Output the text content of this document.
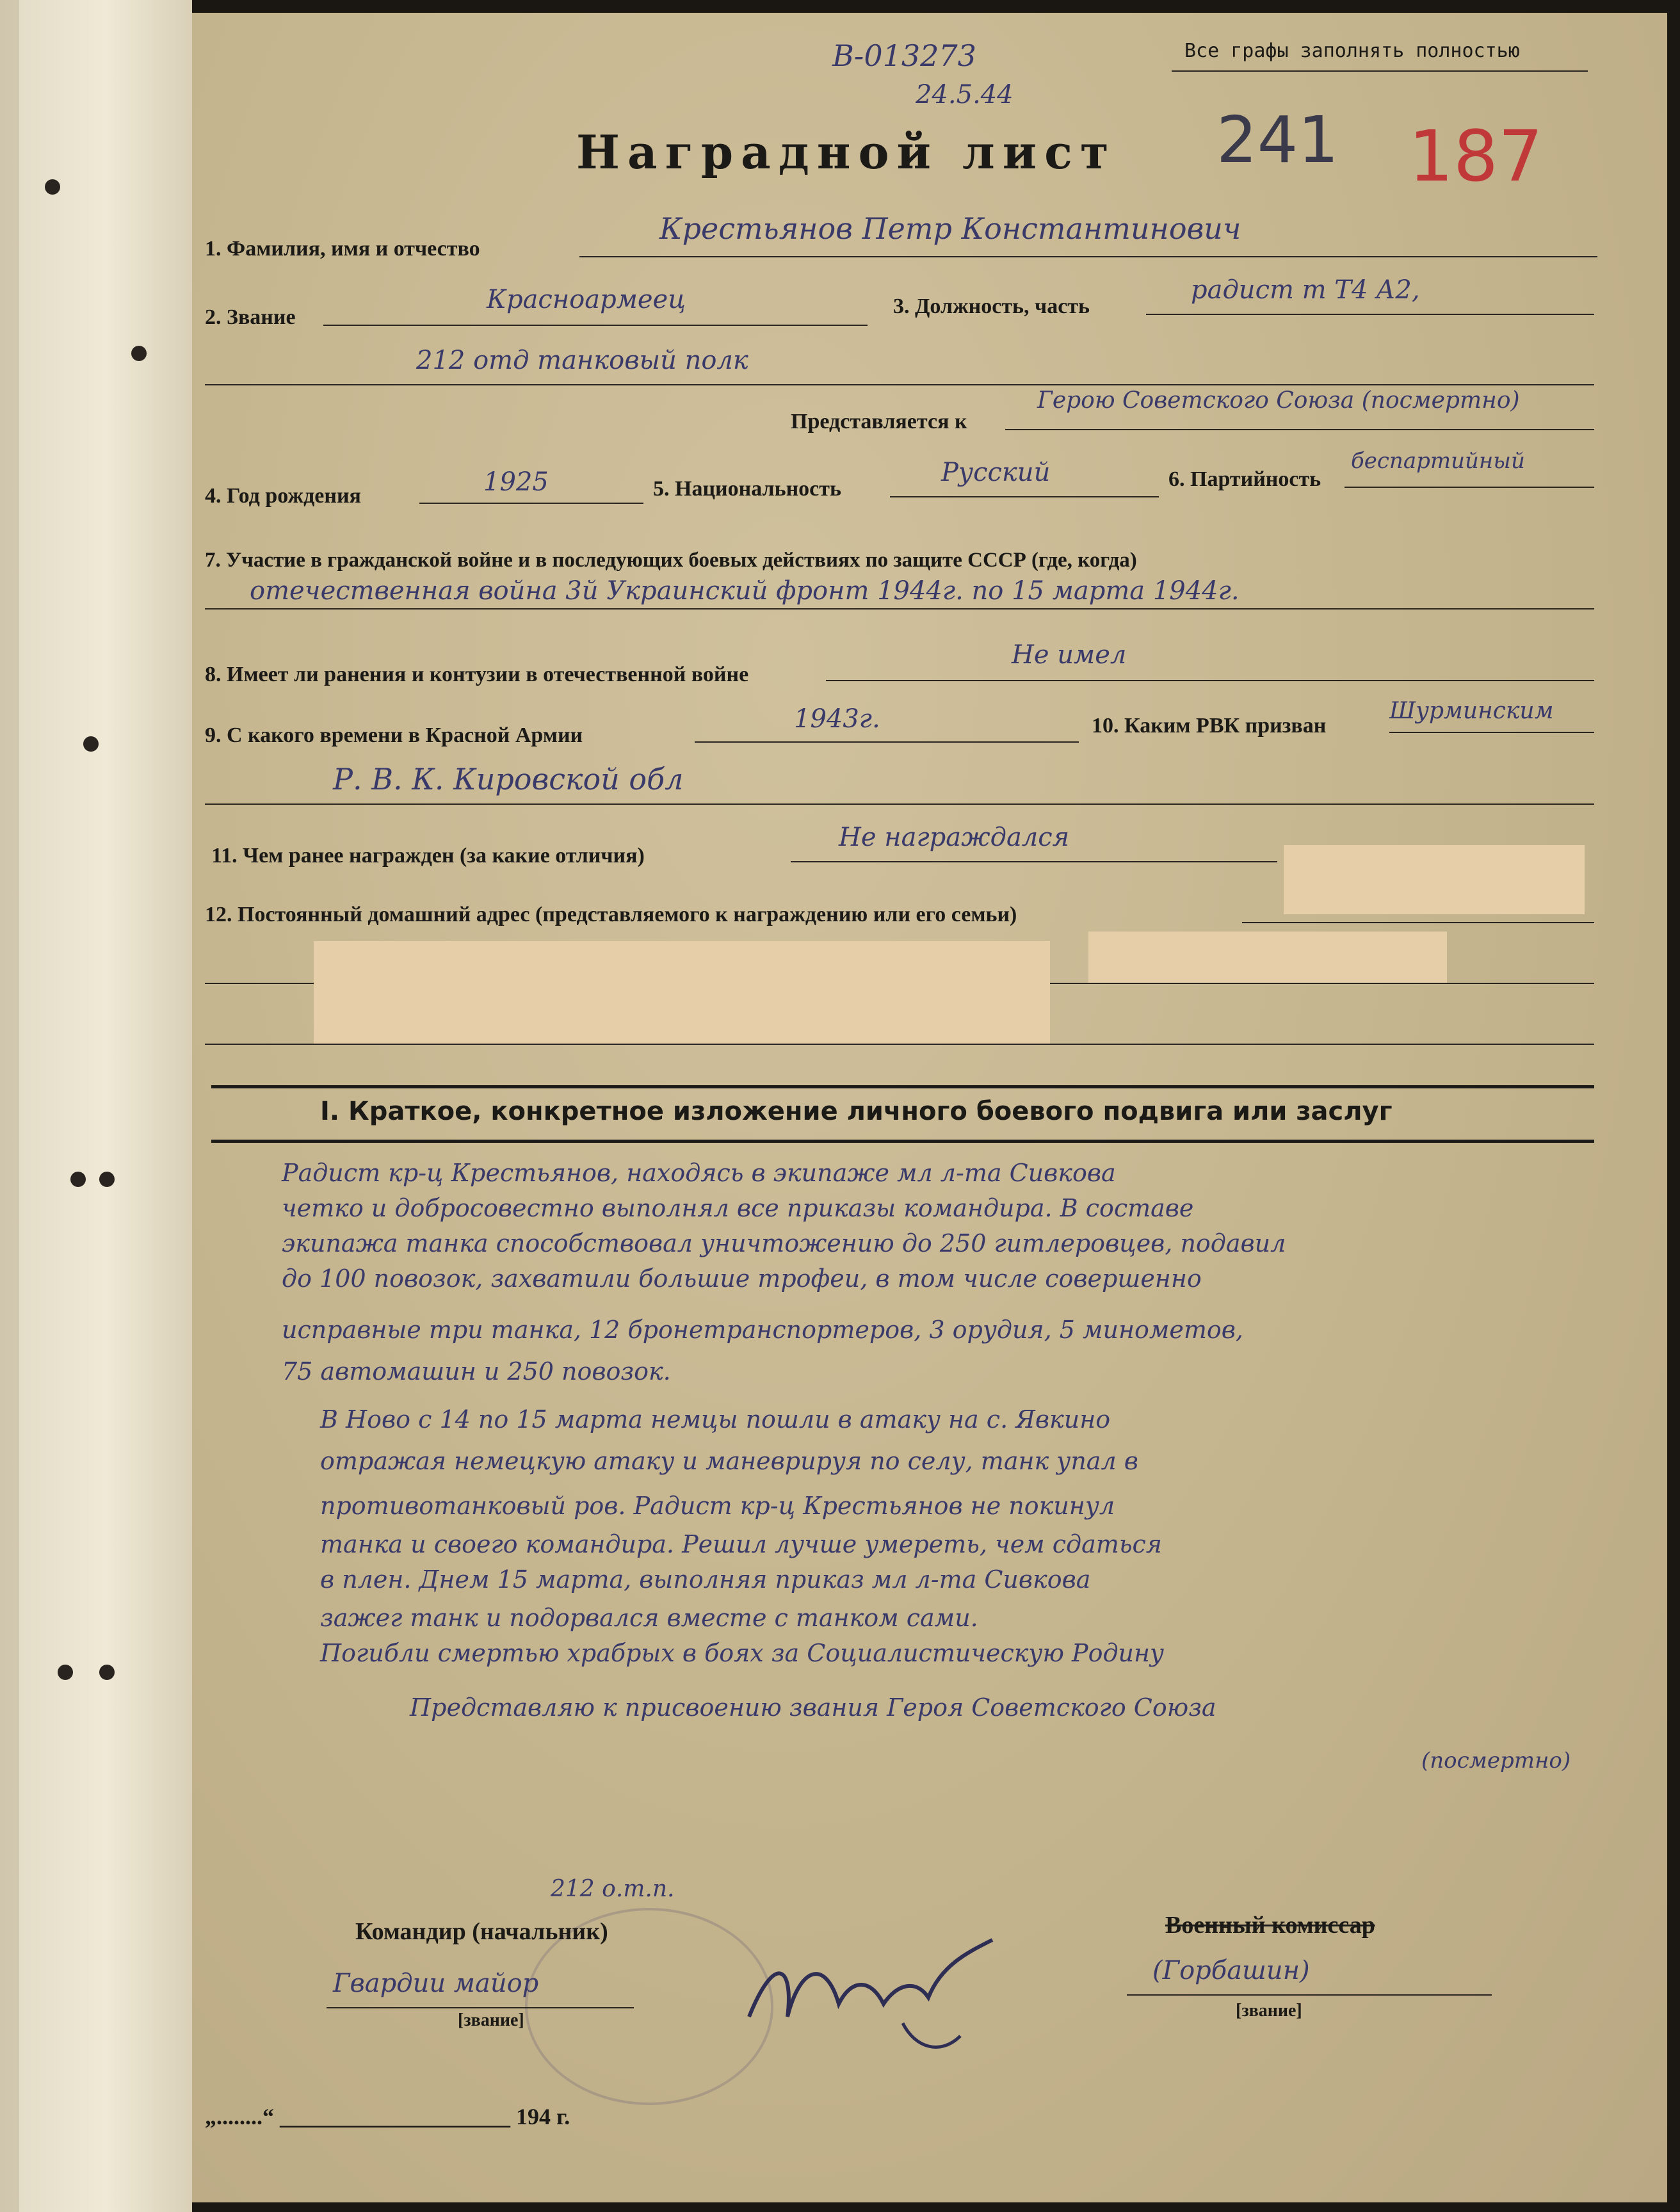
Все графы заполнять полностью
В-013273
24.5.44
241 187
Наградной лист
1. Фамилия, имя и отчество
Крестьянов Петр Константинович
2. Звание
Красноармеец	3. Должность, часть
радист т Т4 А2,
212 отд танковый полк
Представляется к
Герою Советского Союза (посмертно)
4. Год рождения	1925	5. Национальность
Русский	6. Партийность
беспартийный
7. Участие в гражданской войне и в последующих боевых действиях по защите СССР (где, когда)
отечественная война 3й Украинский фронт 1944г. по 15 марта 1944г.
8. Имеет ли ранения и контузии в отечественной войне
Не имел
9. С какого времени в Красной Армии
1943г.	10. Каким РВК призван
Шурминским
Р. В. К. Кировской обл
11. Чем ранее награжден (за какие отличия)
Не награждался
12. Постоянный домашний адрес (представляемого к награждению или его семьи)
I. Краткое, конкретное изложение личного боевого подвига или заслуг
Радист кр-ц Крестьянов, находясь в экипаже мл л-та Сивкова
четко и добросовестно выполнял все приказы командира. В составе
экипажа танка способствовал уничтожению до 250 гитлеровцев, подавил
до 100 повозок, захватили большие трофеи, в том числе совершенно
исправные три танка, 12 бронетранспортеров, 3 орудия, 5 минометов,
75 автомашин и 250 повозок.
В Ново с 14 по 15 марта немцы пошли в атаку на с. Явкино
отражая немецкую атаку и маневрируя по селу, танк упал в
противотанковый ров. Радист кр-ц Крестьянов не покинул
танка и своего командира. Решил лучше умереть, чем сдаться
в плен. Днем 15 марта, выполняя приказ мл л-та Сивкова
зажег танк и подорвался вместе с танком сами.
Погибли смертью храбрых в боях за Социалистическую Родину
Представляю к присвоению звания Героя Советского Союза
(посмертно)
212 о.т.п.
Командир (начальник)
Гвардии майор
[звание]
Военный комиссар
(Горбашин)
[звание]
„........“ ____________________ 194 г.
